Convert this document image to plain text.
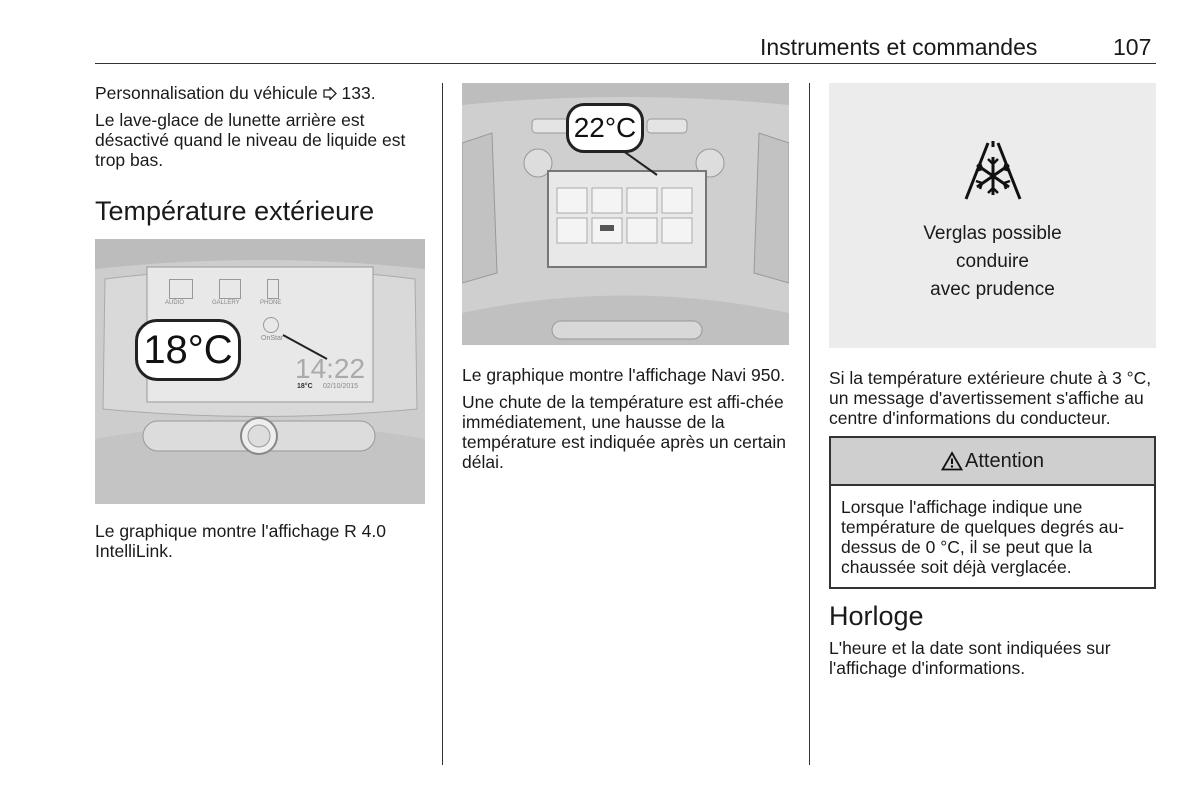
Instruments et commandes	107

Personnalisation du véhicule 133.

Le lave-glace de lunette arrière est désactivé quand le niveau de liquide est trop bas.

Température extérieure
AUDIO	GALLERY	PHONE
OnStar
14:22
18°C 02/10/2015
18°C

Le graphique montre l'affichage R 4.0 IntelliLink.

22°C

Le graphique montre l'affichage Navi 950.

Une chute de la température est affi-chée immédiatement, une hausse de la température est indiquée après un certain délai.

Verglas possible
conduire
avec prudence

Si la température extérieure chute à 3 °C, un message d'avertissement s'affiche au centre d'informations du conducteur.

Attention

Lorsque l'affichage indique une température de quelques degrés au-dessus de 0 °C, il se peut que la chaussée soit déjà verglacée.

Horloge

L'heure et la date sont indiquées sur l'affichage d'informations.
